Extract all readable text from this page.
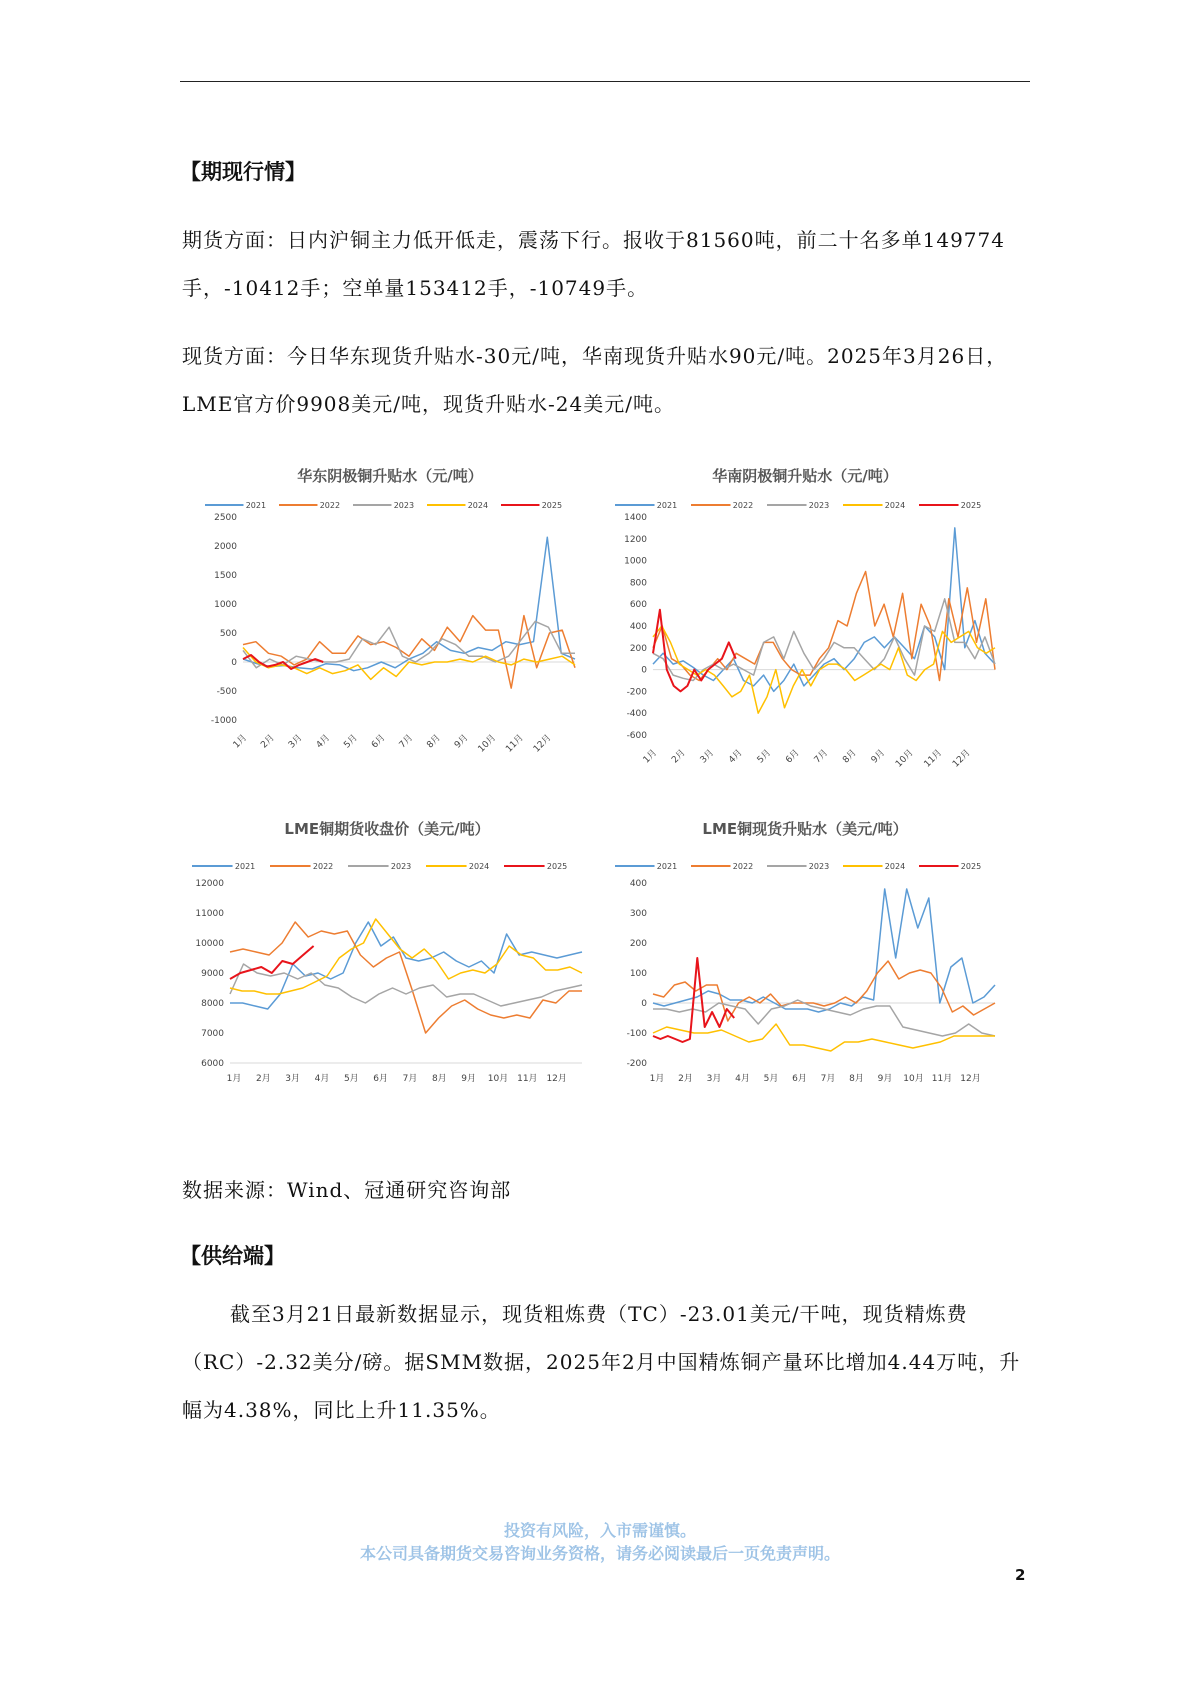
【期现行情】
期货方面：日内沪铜主力低开低走，震荡下行。报收于81560吨，前二十名多单149774手，-10412手；空单量153412手，-10749手。
现货方面：今日华东现货升贴水-30元/吨，华南现货升贴水90元/吨。2025年3月26日，LME官方价9908美元/吨，现货升贴水-24美元/吨。
华东阴极铜升贴水（元/吨）
2021	2022	2023	2024	2025
2500
2000
1500
1000
500
0
-500
-1000
1月 2月 3月 4月 5月 6月 7月 8月 9月 10月 11月 12月
华南阴极铜升贴水（元/吨）
2021	2022	2023	2024	2025
1400
1200
1000
800
600
400
200
0
-200
-400
-600
1月 2月 3月 4月 5月 6月 7月 8月 9月 10月 11月 12月
LME铜期货收盘价（美元/吨）
2021	2022	2023	2024	2025
12000
11000
10000
9000
8000
7000
6000
1月 2月 3月 4月 5月 6月 7月 8月 9月 10月 11月 12月
LME铜现货升贴水（美元/吨）
2021	2022	2023	2024	2025
400
300
200
100
0
-100
-200
1月 2月 3月 4月 5月 6月 7月 8月 9月 10月 11月 12月
数据来源：Wind、冠通研究咨询部
【供给端】
截至3月21日最新数据显示，现货粗炼费（TC）-23.01美元/干吨，现货精炼费（RC）-2.32美分/磅。据SMM数据，2025年2月中国精炼铜产量环比增加4.44万吨，升幅为4.38%，同比上升11.35%。
投资有风险，入市需谨慎。
本公司具备期货交易咨询业务资格，请务必阅读最后一页免责声明。
2
